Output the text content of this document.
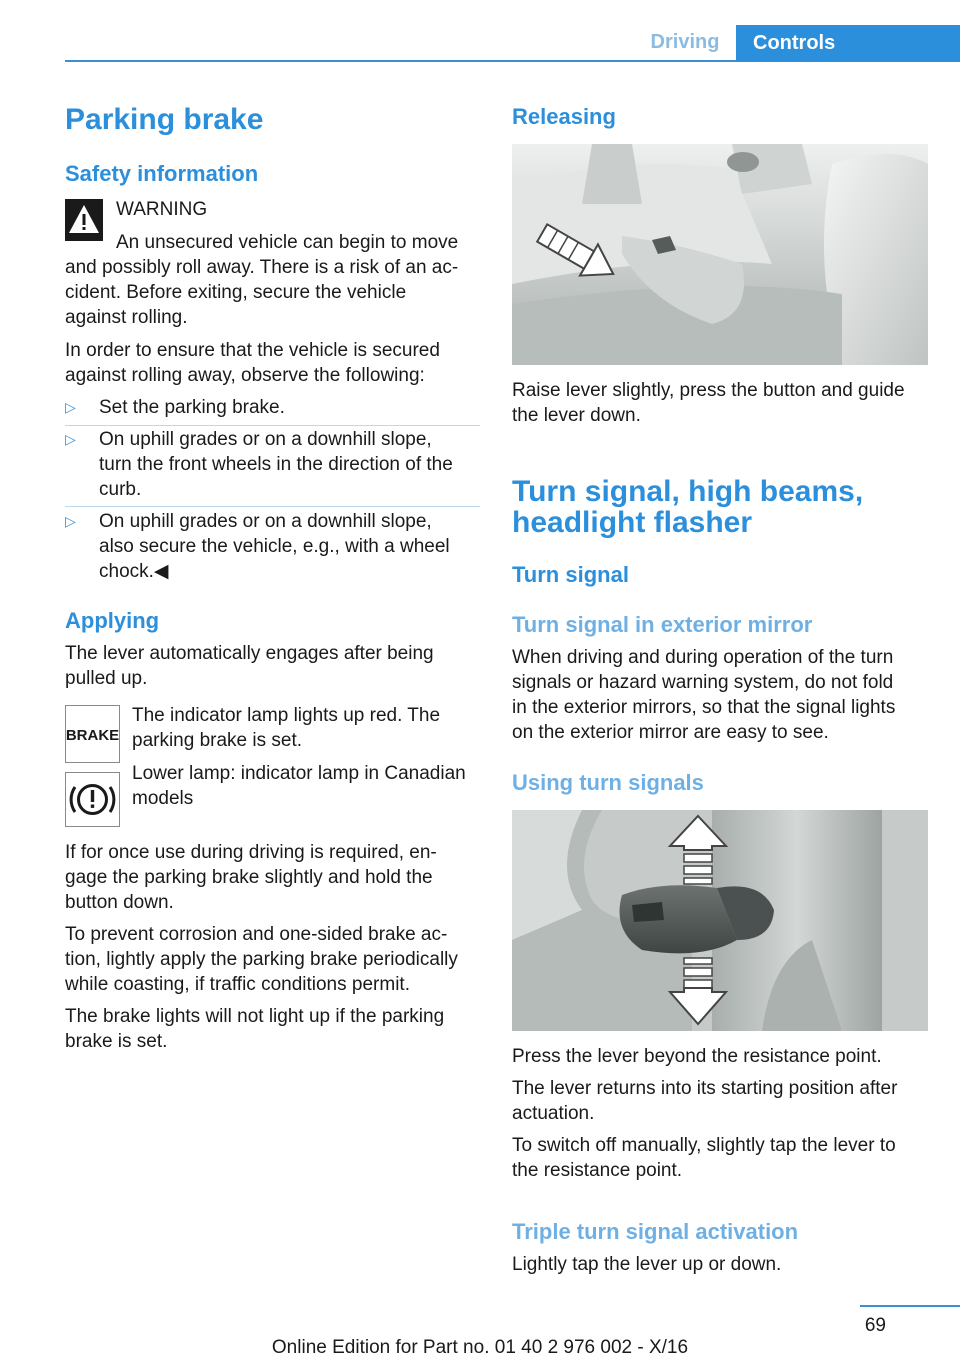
Driving	Controls
Parking brake
Safety information
WARNING
An unsecured vehicle can begin to move
and possibly roll away. There is a risk of an ac-
cident. Before exiting, secure the vehicle
against rolling.
In order to ensure that the vehicle is secured
against rolling away, observe the following:
▷ Set the parking brake.
▷ On uphill grades or on a downhill slope,
turn the front wheels in the direction of the
curb.
▷ On uphill grades or on a downhill slope,
also secure the vehicle, e.g., with a wheel
chock.◀
Applying
The lever automatically engages after being
pulled up.
BRAKE
The indicator lamp lights up red. The
parking brake is set.
Lower lamp: indicator lamp in Canadian
models
If for once use during driving is required, en-
gage the parking brake slightly and hold the
button down.
To prevent corrosion and one-sided brake ac-
tion, lightly apply the parking brake periodically
while coasting, if traffic conditions permit.
The brake lights will not light up if the parking
brake is set.
Releasing
Raise lever slightly, press the button and guide
the lever down.
Turn signal, high beams,
headlight flasher
Turn signal
Turn signal in exterior mirror
When driving and during operation of the turn
signals or hazard warning system, do not fold
in the exterior mirrors, so that the signal lights
on the exterior mirror are easy to see.
Using turn signals
Press the lever beyond the resistance point.
The lever returns into its starting position after
actuation.
To switch off manually, slightly tap the lever to
the resistance point.
Triple turn signal activation
Lightly tap the lever up or down.
69
Online Edition for Part no. 01 40 2 976 002 - X/16
